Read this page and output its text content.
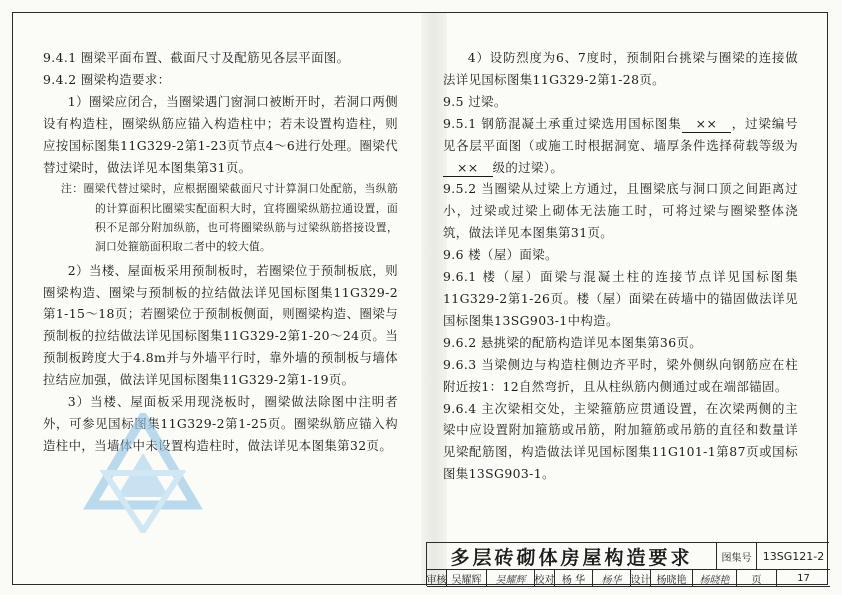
9.4.1 圈梁平面布置、截面尺寸及配筋见各层平面图。

9.4.2 圈梁构造要求：

1）圈梁应闭合，当圈梁遇门窗洞口被断开时，若洞口两侧设有构造柱，圈梁纵筋应锚入构造柱中；若未设置构造柱，则应按国标图集11G329-2第1-23页节点4～6进行处理。圈梁代替过梁时，做法详见本图集第31页。

注：圈梁代替过梁时，应根据圈梁截面尺寸计算洞口处配筋，当纵筋的计算面积比圈梁实配面积大时，宜将圈梁纵筋拉通设置，面积不足部分附加纵筋，也可将圈梁纵筋与过梁纵筋搭接设置，洞口处箍筋面积取二者中的较大值。

2）当楼、屋面板采用预制板时，若圈梁位于预制板底，则圈梁构造、圈梁与预制板的拉结做法详见国标图集11G329-2第1-15～18页；若圈梁位于预制板侧面，则圈梁构造、圈梁与预制板的拉结做法详见国标图集11G329-2第1-20～24页。当预制板跨度大于4.8m并与外墙平行时，靠外墙的预制板与墙体拉结应加强，做法详见国标图集11G329-2第1-19页。

3）当楼、屋面板采用现浇板时，圈梁做法除图中注明者外，可参见国标图集11G329-2第1-25页。圈梁纵筋应锚入构造柱中，当墙体中未设置构造柱时，做法详见本图集第32页。

4）设防烈度为6、7度时，预制阳台挑梁与圈梁的连接做法详见国标图集11G329-2第1-28页。

9.5 过梁。

9.5.1 钢筋混凝土承重过梁选用国标图集 ×× ，过梁编号见各层平面图（或施工时根据洞宽、墙厚条件选择荷载等级为×× 级的过梁）。

9.5.2 当圈梁从过梁上方通过，且圈梁底与洞口顶之间距离过小，过梁或过梁上砌体无法施工时，可将过梁与圈梁整体浇筑，做法详见本图集第31页。

9.6 楼（屋）面梁。

9.6.1 楼（屋）面梁与混凝土柱的连接节点详见国标图集11G329-2第1-26页。楼（屋）面梁在砖墙中的锚固做法详见国标图集13SG903-1中构造。

9.6.2 悬挑梁的配筋构造详见本图集第36页。

9.6.3 当梁侧边与构造柱侧边齐平时，梁外侧纵向钢筋应在柱附近按1：12自然弯折，且从柱纵筋内侧通过或在端部锚固。

9.6.4 主次梁相交处，主梁箍筋应贯通设置，在次梁两侧的主梁中应设置附加箍筋或吊筋，附加箍筋或吊筋的直径和数量详见梁配筋图，构造做法详见国标图集11G101-1第87页或国标图集13SG903-1。

多层砖砌体房屋构造要求	图集号	13SG121-2
审核 吴耀辉	吴耀辉 校对 杨 华	杨华 设计 杨晓艳	杨晓艳	页	17
